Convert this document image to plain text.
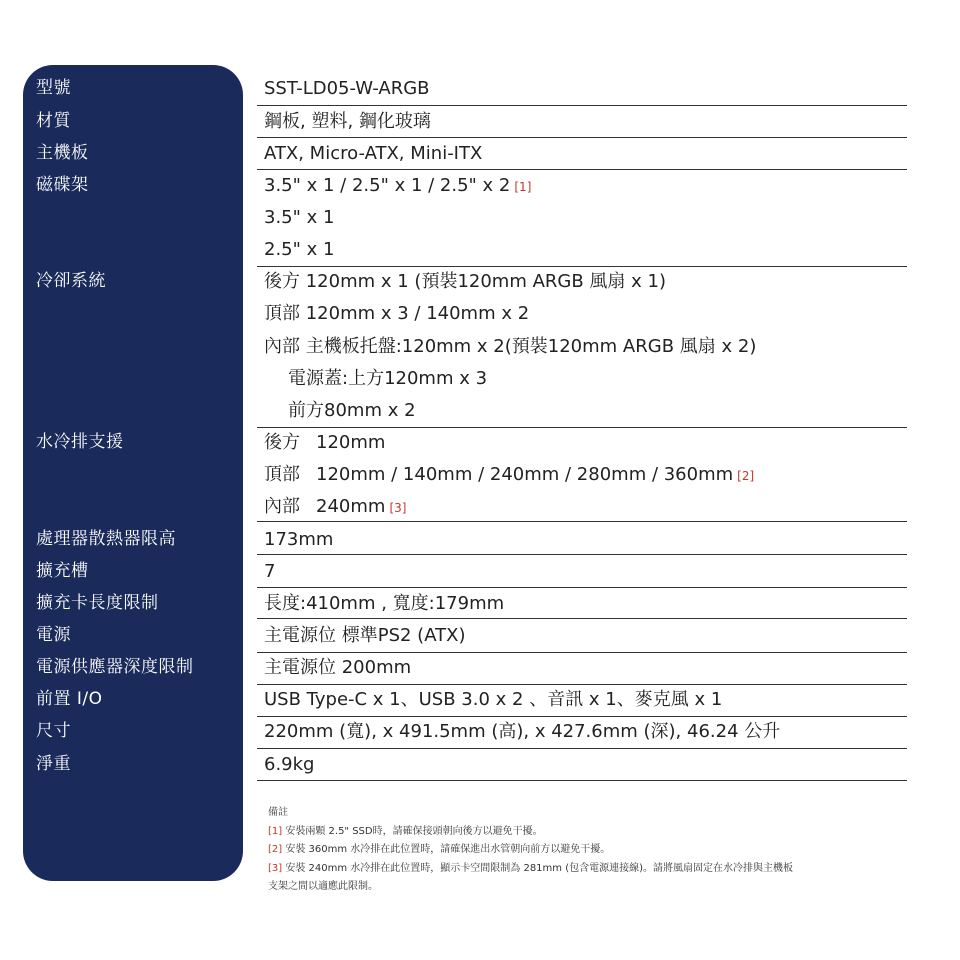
型號
材質
主機板
磁碟架
冷卻系統
水冷排支援
處理器散熱器限高
擴充槽
擴充卡長度限制
電源
電源供應器深度限制
前置 I/O
尺寸
淨重
SST-LD05-W-ARGB
鋼板, 塑料, 鋼化玻璃
ATX, Micro-ATX, Mini-ITX
3.5" x 1 / 2.5" x 1 / 2.5" x 2 [1]
3.5" x 1
2.5" x 1
後方 120mm x 1 (預裝120mm ARGB 風扇 x 1)
頂部 120mm x 3 / 140mm x 2
內部 主機板托盤:120mm x 2(預裝120mm ARGB 風扇 x 2)
電源蓋:上方120mm x 3
前方80mm x 2
後方 120mm
頂部 120mm / 140mm / 240mm / 280mm / 360mm [2]
內部 240mm [3]
173mm
7
長度:410mm , 寬度:179mm
主電源位 標準PS2 (ATX)
主電源位 200mm
USB Type-C x 1、USB 3.0 x 2 、音訊 x 1、麥克風 x 1
220mm (寬), x 491.5mm (高), x 427.6mm (深), 46.24 公升
6.9kg
備註
[1] 安裝兩顆 2.5" SSD時，請確保接頭朝向後方以避免干擾。
[2] 安裝 360mm 水冷排在此位置時，請確保進出水管朝向前方以避免干擾。
[3] 安裝 240mm 水冷排在此位置時，顯示卡空間限制為 281mm (包含電源連接線)。請將風扇固定在水冷排與主機板
支架之間以適應此限制。
